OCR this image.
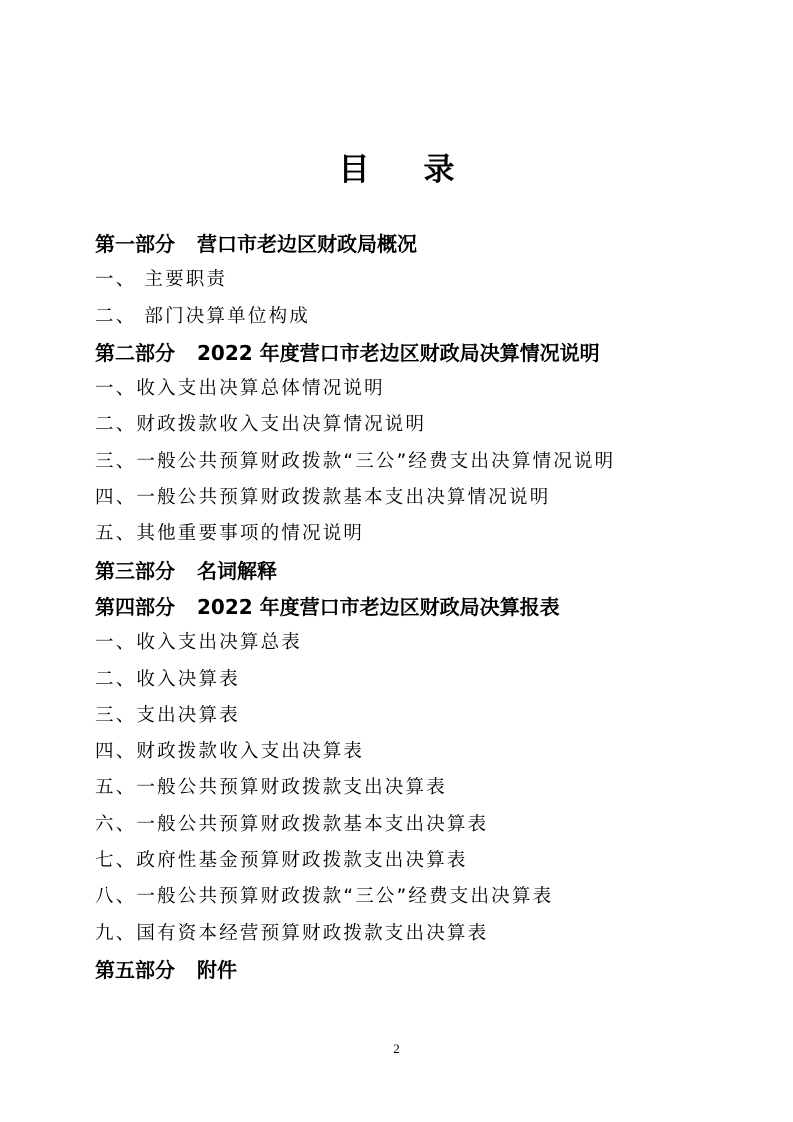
目录
第一部分 营口市老边区财政局概况
一、 主要职责
二、 部门决算单位构成
第二部分 2022 年度营口市老边区财政局决算情况说明
一、收入支出决算总体情况说明
二、财政拨款收入支出决算情况说明
三、一般公共预算财政拨款“三公”经费支出决算情况说明
四、一般公共预算财政拨款基本支出决算情况说明
五、其他重要事项的情况说明
第三部分 名词解释
第四部分 2022 年度营口市老边区财政局决算报表
一、收入支出决算总表
二、收入决算表
三、支出决算表
四、财政拨款收入支出决算表
五、一般公共预算财政拨款支出决算表
六、一般公共预算财政拨款基本支出决算表
七、政府性基金预算财政拨款支出决算表
八、一般公共预算财政拨款“三公”经费支出决算表
九、国有资本经营预算财政拨款支出决算表
第五部分 附件
2
